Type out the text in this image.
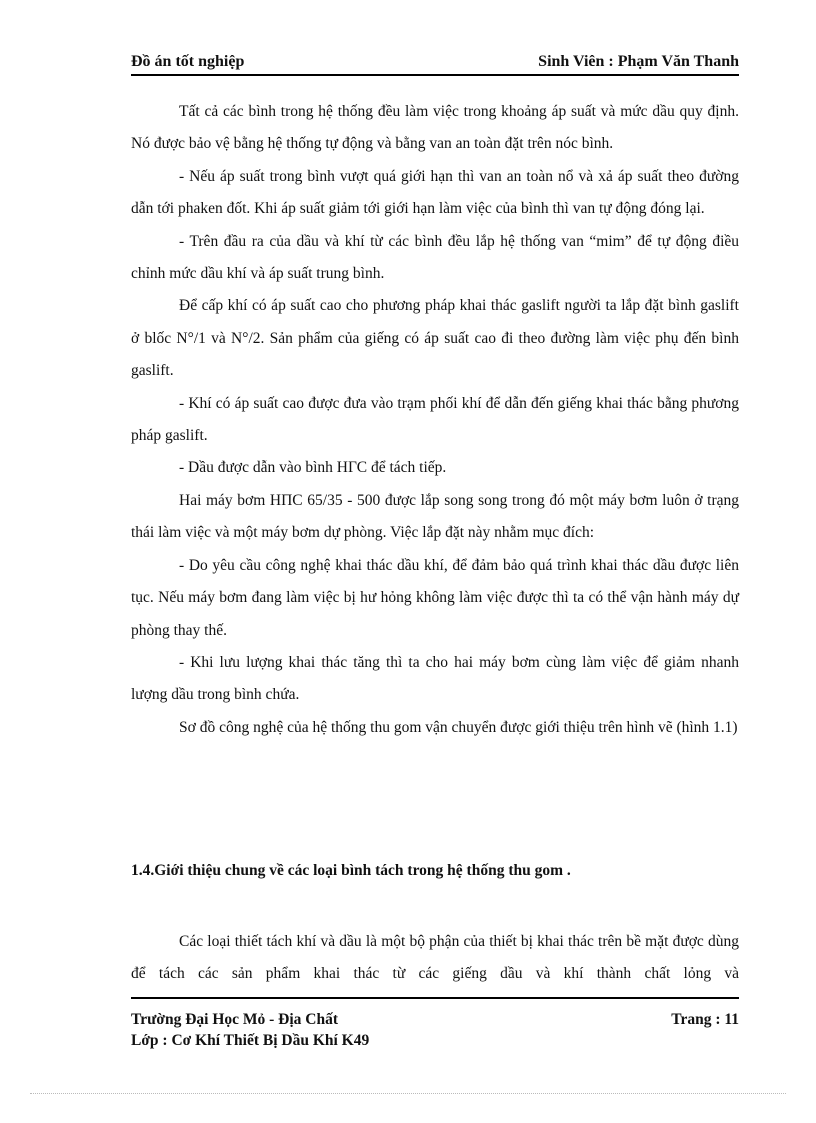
Đồ án tốt nghiệp	Sinh Viên : Phạm Văn Thanh

Tất cả các bình trong hệ thống đều làm việc trong khoảng áp suất và mức dầu quy định. Nó được bảo vệ bằng hệ thống tự động và bằng van an toàn đặt trên nóc bình.

- Nếu áp suất trong bình vượt quá giới hạn thì van an toàn nổ và xả áp suất theo đường dẫn tới phaken đốt. Khi áp suất giảm tới giới hạn làm việc của bình thì van tự động đóng lại.

- Trên đầu ra của dầu và khí từ các bình đều lắp hệ thống van “mim” để tự động điều chỉnh mức dầu khí và áp suất trung bình.

Để cấp khí có áp suất cao cho phương pháp khai thác gaslift người ta lắp đặt bình gaslift ở blốc N°/1 và N°/2. Sản phẩm của giếng có áp suất cao đi theo đường làm việc phụ đến bình gaslift.

- Khí có áp suất cao được đưa vào trạm phối khí để dẫn đến giếng khai thác bằng phương pháp gaslift.

- Dầu được dẫn vào bình НГС để tách tiếp.

Hai máy bơm НПС 65/35 - 500 được lắp song song trong đó một máy bơm luôn ở trạng thái làm việc và một máy bơm dự phòng. Việc lắp đặt này nhằm mục đích:

- Do yêu cầu công nghệ khai thác dầu khí, để đảm bảo quá trình khai thác dầu được liên tục. Nếu máy bơm đang làm việc bị hư hỏng không làm việc được thì ta có thể vận hành máy dự phòng thay thế.

- Khi lưu lượng khai thác tăng thì ta cho hai máy bơm cùng làm việc để giảm nhanh lượng dầu trong bình chứa.

Sơ đồ công nghệ của hệ thống thu gom vận chuyển được giới thiệu trên hình vẽ (hình 1.1)

1.4.Giới thiệu chung về các loại bình tách trong hệ thống thu gom .

Các loại thiết tách khí và dầu là một bộ phận của thiết bị khai thác trên bề mặt được dùng để tách các sản phẩm khai thác từ các giếng dầu và khí thành chất lỏng và

Trường Đại Học Mỏ - Địa Chất	Trang : 11
Lớp : Cơ Khí Thiết Bị Dầu Khí K49
